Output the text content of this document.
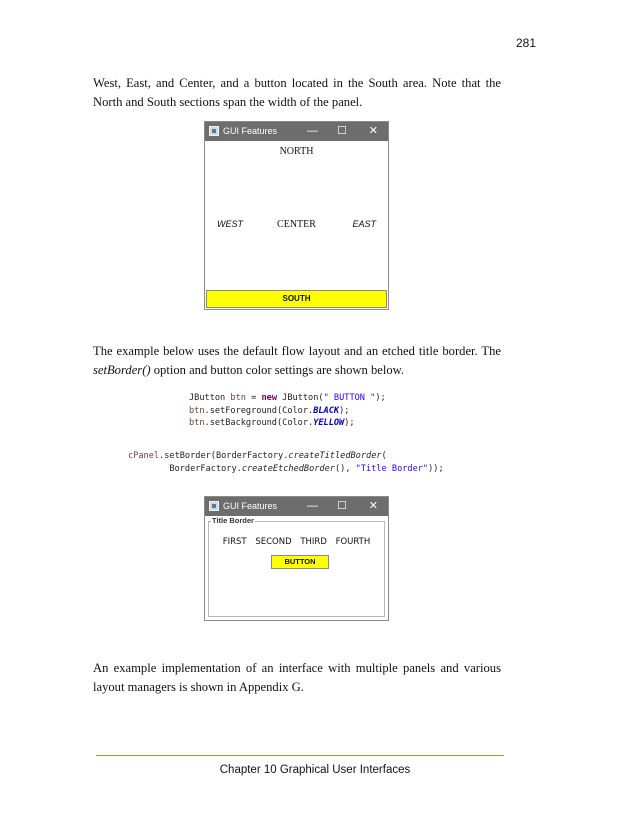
281
West, East, and Center, and a button located in the South area. Note that the North and South sections span the width of the panel.
GUI Features	— ☐ ✕
NORTH
WEST	CENTER	EAST
SOUTH
The example below uses the default flow layout and an etched title border. The setBorder() option and button color settings are shown below.
JButton btn = new JButton(" BUTTON ");
btn.setForeground(Color.BLACK);
btn.setBackground(Color.YELLOW);
cPanel.setBorder(BorderFactory.createTitledBorder(
BorderFactory.createEtchedBorder(), "Title Border"));
GUI Features	— ☐ ✕
FIRST SECOND THIRD FOURTH
BUTTON
Title Border
An example implementation of an interface with multiple panels and various layout managers is shown in Appendix G.
Chapter 10 Graphical User Interfaces
